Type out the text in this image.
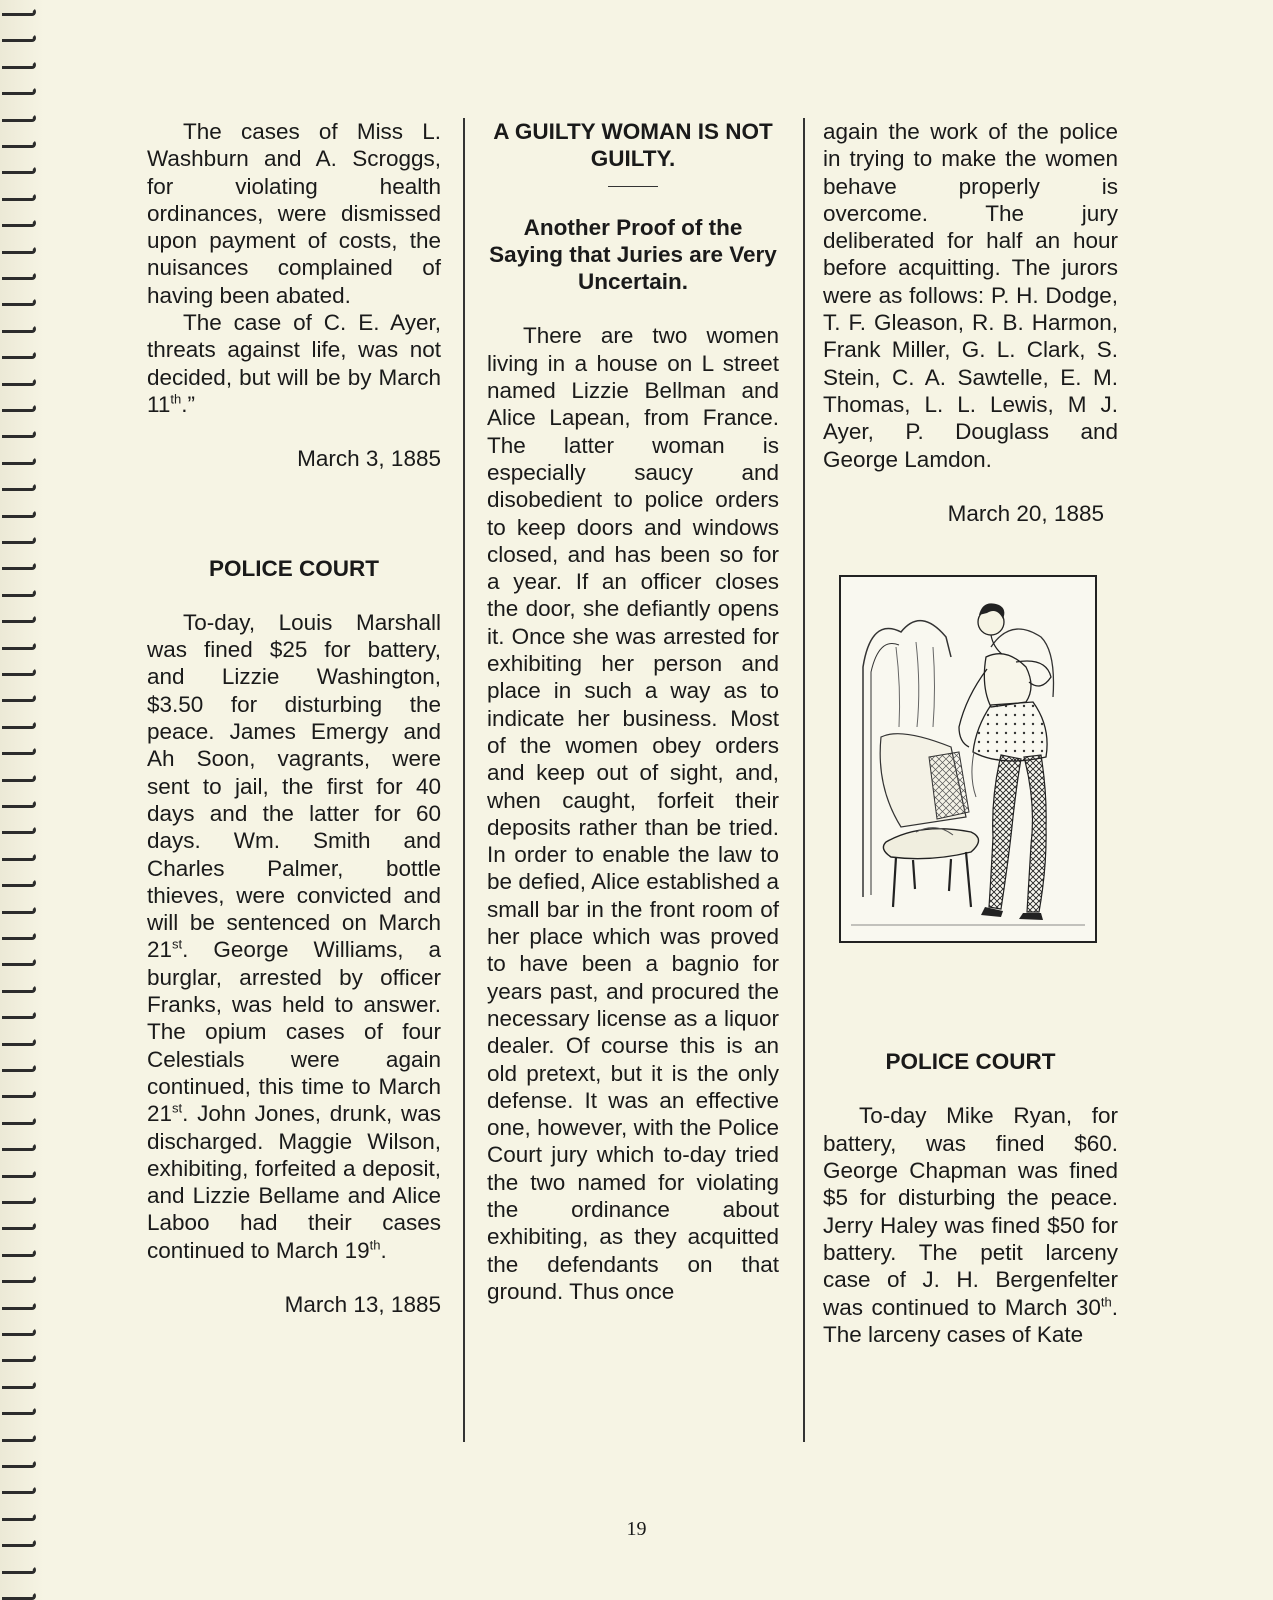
The cases of Miss L. Washburn and A. Scroggs, for violating health ordinances, were dismissed upon payment of costs, the nuisances complained of having been abated.

The case of C. E. Ayer, threats against life, was not decided, but will be by March 11th.”

March 3, 1885

POLICE COURT

To-day, Louis Marshall was fined $25 for battery, and Lizzie Washington, $3.50 for disturbing the peace. James Emergy and Ah Soon, vagrants, were sent to jail, the first for 40 days and the latter for 60 days. Wm. Smith and Charles Palmer, bottle thieves, were convicted and will be sentenced on March 21st. George Williams, a burglar, arrested by officer Franks, was held to answer. The opium cases of four Celestials were again continued, this time to March 21st. John Jones, drunk, was discharged. Maggie Wilson, exhibiting, forfeited a deposit, and Lizzie Bellame and Alice Laboo had their cases continued to March 19th.

March 13, 1885

A GUILTY WOMAN IS NOT GUILTY.
Another Proof of the Saying that Juries are Very Uncertain.

There are two women living in a house on L street named Lizzie Bellman and Alice Lapean, from France. The latter woman is especially saucy and disobedient to police orders to keep doors and windows closed, and has been so for a year. If an officer closes the door, she defiantly opens it. Once she was arrested for exhibiting her person and place in such a way as to indicate her business. Most of the women obey orders and keep out of sight, and, when caught, forfeit their deposits rather than be tried. In order to enable the law to be defied, Alice established a small bar in the front room of her place which was proved to have been a bagnio for years past, and procured the necessary license as a liquor dealer. Of course this is an old pretext, but it is the only defense. It was an effective one, however, with the Police Court jury which to-day tried the two named for violating the ordinance about exhibiting, as they acquitted the defendants on that ground. Thus once

again the work of the police in trying to make the women behave properly is overcome. The jury deliberated for half an hour before acquitting. The jurors were as follows: P. H. Dodge, T. F. Gleason, R. B. Harmon, Frank Miller, G. L. Clark, S. Stein, C. A. Sawtelle, E. M. Thomas, L. L. Lewis, M J. Ayer, P. Douglass and George Lamdon.

March 20, 1885

POLICE COURT

To-day Mike Ryan, for battery, was fined $60. George Chapman was fined $5 for disturbing the peace. Jerry Haley was fined $50 for battery. The petit larceny case of J. H. Bergenfelter was continued to March 30th. The larceny cases of Kate

19
